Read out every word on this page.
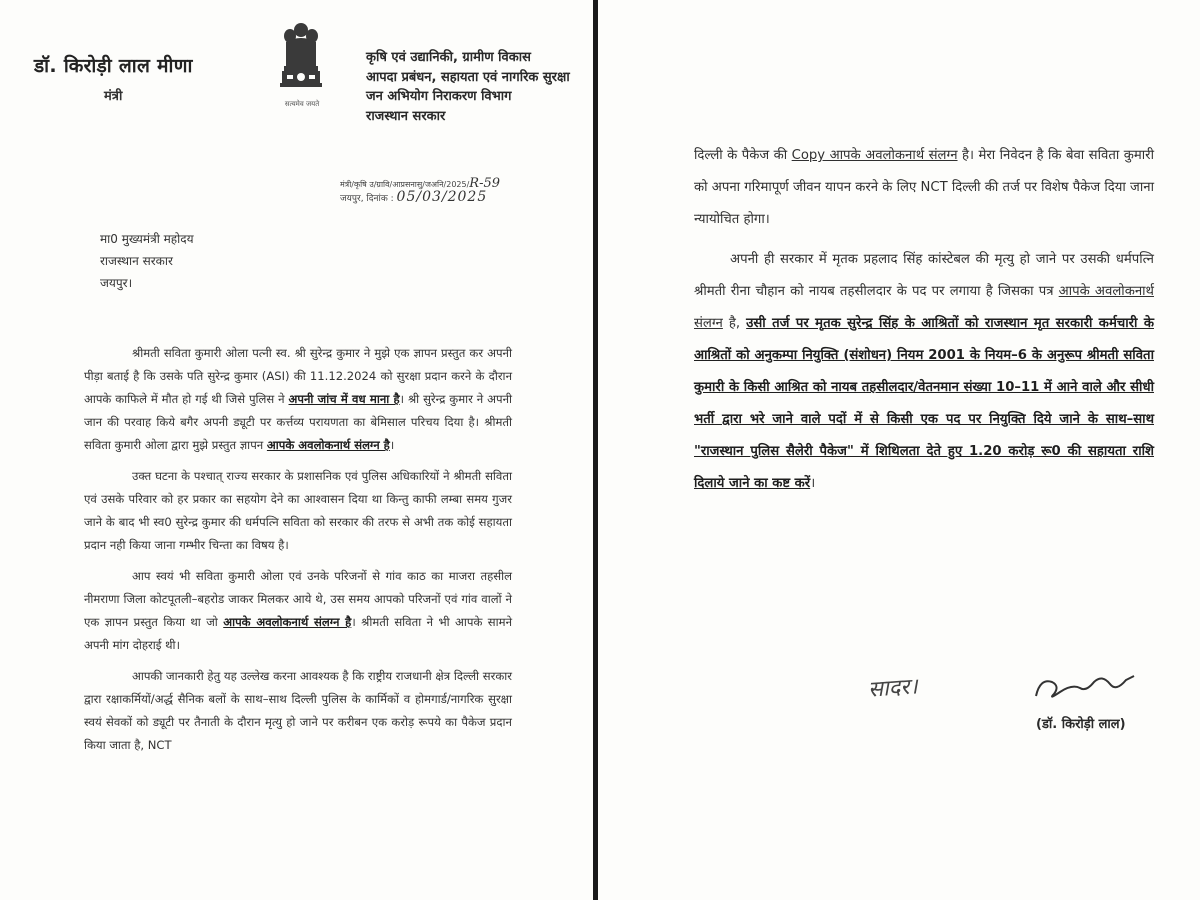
डॉ. किरोड़ी लाल मीणा
मंत्री	सत्यमेव जयते
कृषि एवं उद्यानिकी, ग्रामीण विकास
आपदा प्रबंधन, सहायता एवं नागरिक सुरक्षा
जन अभियोग निराकरण विभाग
राजस्थान सरकार
मंत्री/कृषि उ/ग्रावि/आप्रसनासु/जअनि/2025/R-59
जयपुर, दिनांक : 05/03/2025
मा0 मुख्यमंत्री महोदय
राजस्थान सरकार
जयपुर।

श्रीमती सविता कुमारी ओला पत्नी स्व. श्री सुरेन्द्र कुमार ने मुझे एक ज्ञापन प्रस्तुत कर अपनी पीड़ा बताई है कि उसके पति सुरेन्द्र कुमार (ASI) की 11.12.2024 को सुरक्षा प्रदान करने के दौरान आपके काफिले में मौत हो गई थी जिसे पुलिस ने अपनी जांच में वध माना है। श्री सुरेन्द्र कुमार ने अपनी जान की परवाह किये बगैर अपनी ड्यूटी पर कर्त्तव्य परायणता का बेमिसाल परिचय दिया है। श्रीमती सविता कुमारी ओला द्वारा मुझे प्रस्तुत ज्ञापन आपके अवलोकनार्थ संलग्न है।

उक्त घटना के पश्चात् राज्य सरकार के प्रशासनिक एवं पुलिस अधिकारियों ने श्रीमती सविता एवं उसके परिवार को हर प्रकार का सहयोग देने का आश्वासन दिया था किन्तु काफी लम्बा समय गुजर जाने के बाद भी स्व0 सुरेन्द्र कुमार की धर्मपत्नि सविता को सरकार की तरफ से अभी तक कोई सहायता प्रदान नही किया जाना गम्भीर चिन्ता का विषय है।

आप स्वयं भी सविता कुमारी ओला एवं उनके परिजनों से गांव काठ का माजरा तहसील नीमराणा जिला कोटपूतली–बहरोड जाकर मिलकर आये थे, उस समय आपको परिजनों एवं गांव वालों ने एक ज्ञापन प्रस्तुत किया था जो आपके अवलोकनार्थ संलग्न है। श्रीमती सविता ने भी आपके सामने अपनी मांग दोहराई थी।

आपकी जानकारी हेतु यह उल्लेख करना आवश्यक है कि राष्ट्रीय राजधानी क्षेत्र दिल्ली सरकार द्वारा रक्षाकर्मियों/अर्द्ध सैनिक बलों के साथ–साथ दिल्ली पुलिस के कार्मिकों व होमगार्ड/नागरिक सुरक्षा स्वयं सेवकों को ड्यूटी पर तैनाती के दौरान मृत्यु हो जाने पर करीबन एक करोड़ रूपये का पैकेज प्रदान किया जाता है, NCT

दिल्ली के पैकेज की Copy आपके अवलोकनार्थ संलग्न है। मेरा निवेदन है कि बेवा सविता कुमारी को अपना गरिमापूर्ण जीवन यापन करने के लिए NCT दिल्ली की तर्ज पर विशेष पैकेज दिया जाना न्यायोचित होगा।

अपनी ही सरकार में मृतक प्रहलाद सिंह कांस्टेबल की मृत्यु हो जाने पर उसकी धर्मपत्नि श्रीमती रीना चौहान को नायब तहसीलदार के पद पर लगाया है जिसका पत्र आपके अवलोकनार्थ संलग्न है, उसी तर्ज पर मृतक सुरेन्द्र सिंह के आश्रितों को राजस्थान मृत सरकारी कर्मचारी के आश्रितों को अनुकम्पा नियुक्ति (संशोधन) नियम 2001 के नियम–6 के अनुरूप श्रीमती सविता कुमारी के किसी आश्रित को नायब तहसीलदार/वेतनमान संख्या 10–11 में आने वाले और सीधी भर्ती द्वारा भरे जाने वाले पदों में से किसी एक पद पर नियुक्ति दिये जाने के साथ–साथ "राजस्थान पुलिस सैलेरी पैकेज" में शिथिलता देते हुए 1.20 करोड़ रू0 की सहायता राशि दिलाये जाने का कष्ट करें।

सादर।
(डॉ. किरोड़ी लाल)
